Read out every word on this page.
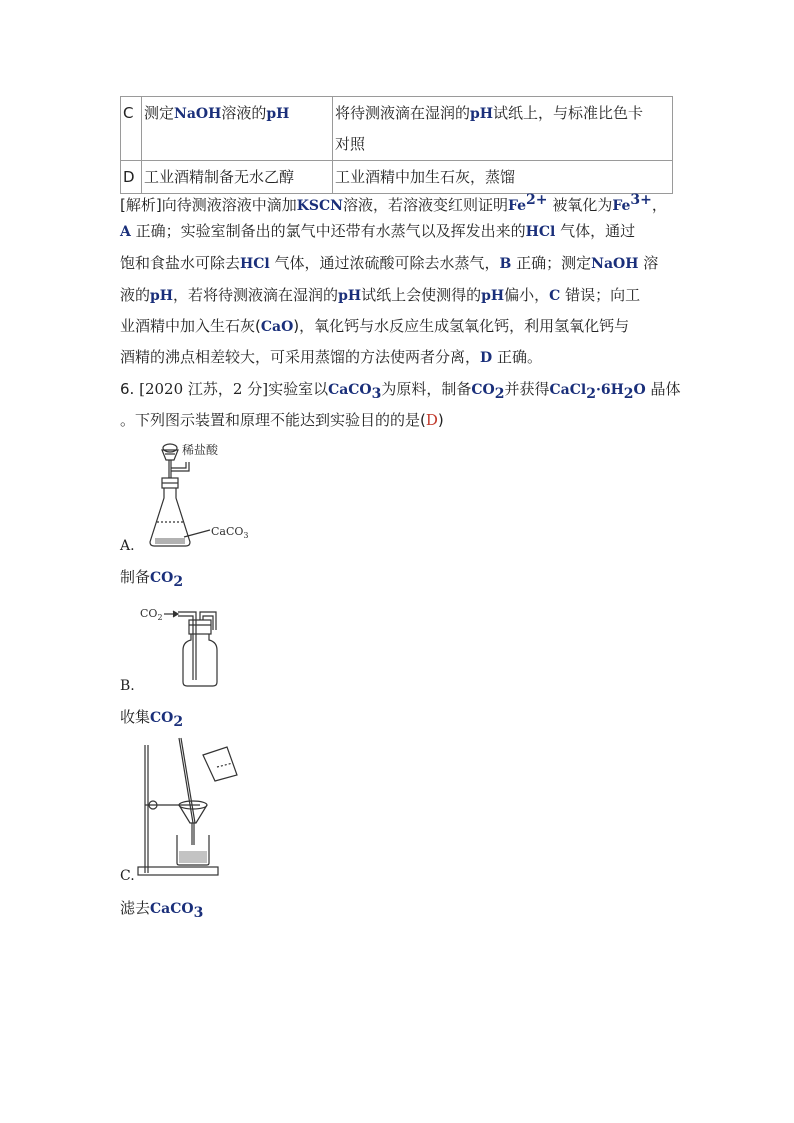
C	测定NaOH溶液的pH	将待测液滴在湿润的pH试纸上，与标准比色卡
对照
D	工业酒精制备无水乙醇	工业酒精中加生石灰，蒸馏
[解析]向待测液溶液中滴加KSCN溶液，若溶液变红则证明$Fe^{2+}$ 被氧化为$Fe^{3+}$，
A 正确；实验室制备出的氯气中还带有水蒸气以及挥发出来的HCl 气体，通过
饱和食盐水可除去HCl 气体，通过浓硫酸可除去水蒸气，B 正确；测定NaOH 溶
液的pH，若将待测液滴在湿润的pH试纸上会使测得的pH偏小，C 错误；向工
业酒精中加入生石灰(CaO)，氧化钙与水反应生成氢氧化钙，利用氢氧化钙与
酒精的沸点相差较大，可采用蒸馏的方法使两者分离，D 正确。
6. [2020 江苏，2 分]实验室以CaCO$_3$为原料，制备$CO_2$并获得$CaCl_2\cdot 6H_2O$ 晶体
。下列图示装置和原理不能达到实验目的的是(D)
稀盐酸
CaCO$_3$
A.
制备$CO_2$
$CO_2$
B.
收集$CO_2$
C.
滤去CaCO$_3$
